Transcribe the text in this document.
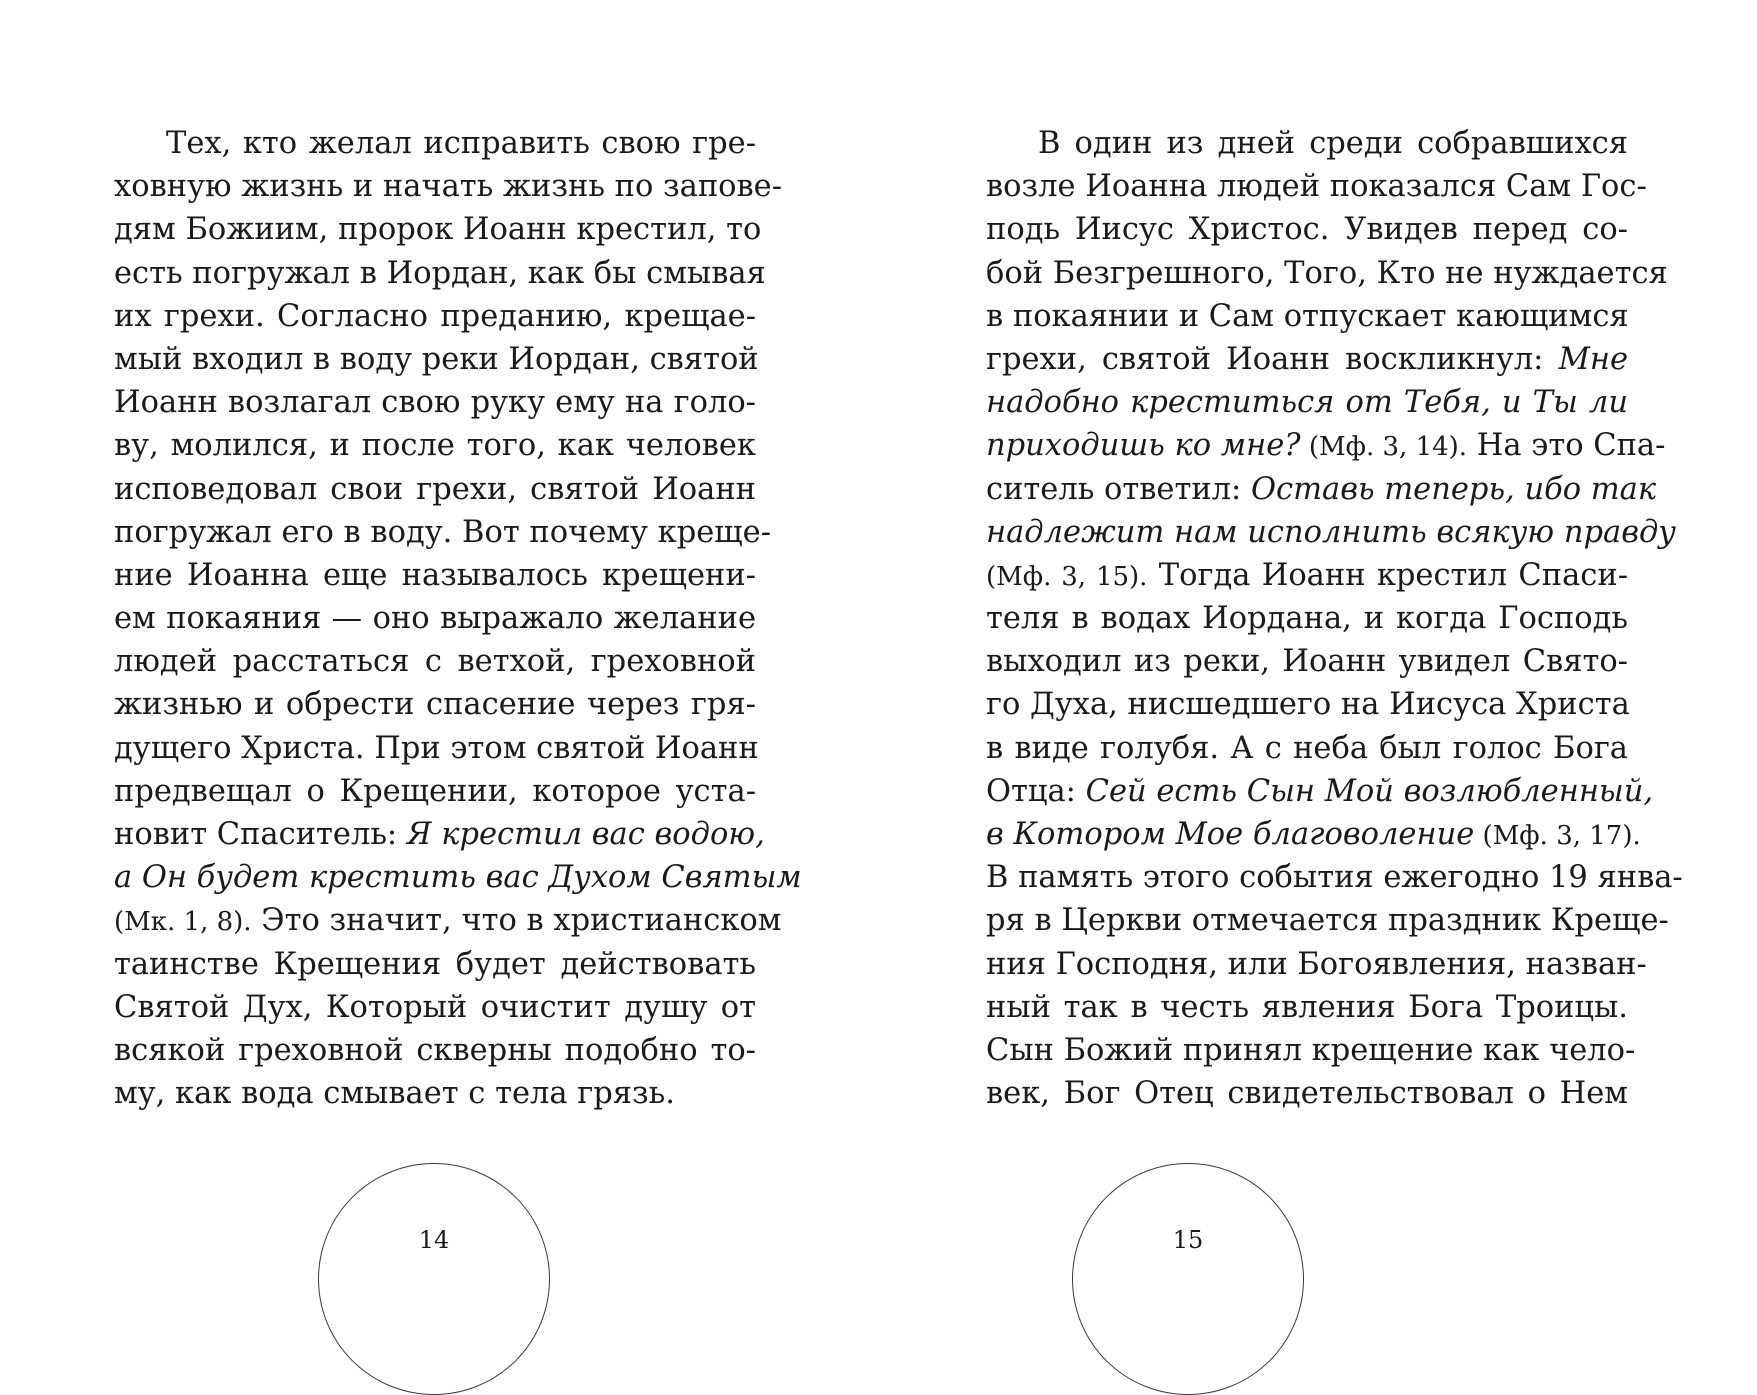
Тех, кто желал исправить свою гре-
ховную жизнь и начать жизнь по запове-
дям Божиим, пророк Иоанн крестил, то
есть погружал в Иордан, как бы смывая
их грехи. Согласно преданию, крещае-
мый входил в воду реки Иордан, святой
Иоанн возлагал свою руку ему на голо-
ву, молился, и после того, как человек
исповедовал свои грехи, святой Иоанн
погружал его в воду. Вот почему креще-
ние Иоанна еще называлось крещени-
ем покаяния — оно выражало желание
людей расстаться с ветхой, греховной
жизнью и обрести спасение через гря-
дущего Христа. При этом святой Иоанн
предвещал о Крещении, которое уста-
новит Спаситель: Я крестил вас водою,
а Он будет крестить вас Духом Святым
(Мк. 1, 8). Это значит, что в христианском
таинстве Крещения будет действовать
Святой Дух, Который очистит душу от
всякой греховной скверны подобно то-
му, как вода смывает с тела грязь.
14
В один из дней среди собравшихся
возле Иоанна людей показался Сам Гос-
подь Иисус Христос. Увидев перед со-
бой Безгрешного, Того, Кто не нуждается
в покаянии и Сам отпускает кающимся
грехи, святой Иоанн воскликнул: Мне
надобно креститься от Тебя, и Ты ли
приходишь ко мне? (Мф. 3, 14). На это Спа-
ситель ответил: Оставь теперь, ибо так
надлежит нам исполнить всякую правду
(Мф. 3, 15). Тогда Иоанн крестил Спаси-
теля в водах Иордана, и когда Господь
выходил из реки, Иоанн увидел Свято-
го Духа, нисшедшего на Иисуса Христа
в виде голубя. А с неба был голос Бога
Отца: Сей есть Сын Мой возлюбленный,
в Котором Мое благоволение (Мф. 3, 17).
В память этого события ежегодно 19 янва-
ря в Церкви отмечается праздник Креще-
ния Господня, или Богоявления, назван-
ный так в честь явления Бога Троицы.
Сын Божий принял крещение как чело-
век, Бог Отец свидетельствовал о Нем
15
